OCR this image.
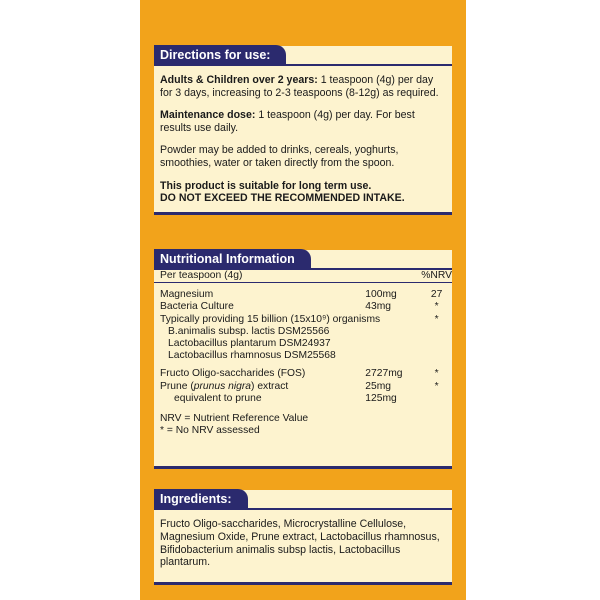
Directions for use:

Adults & Children over 2 years: 1 teaspoon (4g) per day for 3 days, increasing to 2-3 teaspoons (8-12g) as required.

Maintenance dose: 1 teaspoon (4g) per day. For best results use daily.

Powder may be added to drinks, cereals, yoghurts, smoothies, water or taken directly from the spoon.

This product is suitable for long term use.

DO NOT EXCEED THE RECOMMENDED INTAKE.

Nutritional Information
Per teaspoon (4g)		%NRV

Magnesium	100mg	27
Bacteria Culture	43mg	*
Typically providing 15 billion (15x10⁹) organisms		*
B.animalis subsp. lactis DSM25566		
Lactobacillus plantarum DSM24937		
Lactobacillus rhamnosus DSM25568		

Fructo Oligo-saccharides (FOS)	2727mg	*
Prune (prunus nigra) extract	25mg	*
equivalent to prune	125mg	
NRV = Nutrient Reference Value
* = No NRV assessed
Ingredients:
Fructo Oligo-saccharides, Microcrystalline Cellulose, Magnesium Oxide, Prune extract, Lactobacillus rhamnosus, Bifidobacterium animalis subsp lactis, Lactobacillus plantarum.
